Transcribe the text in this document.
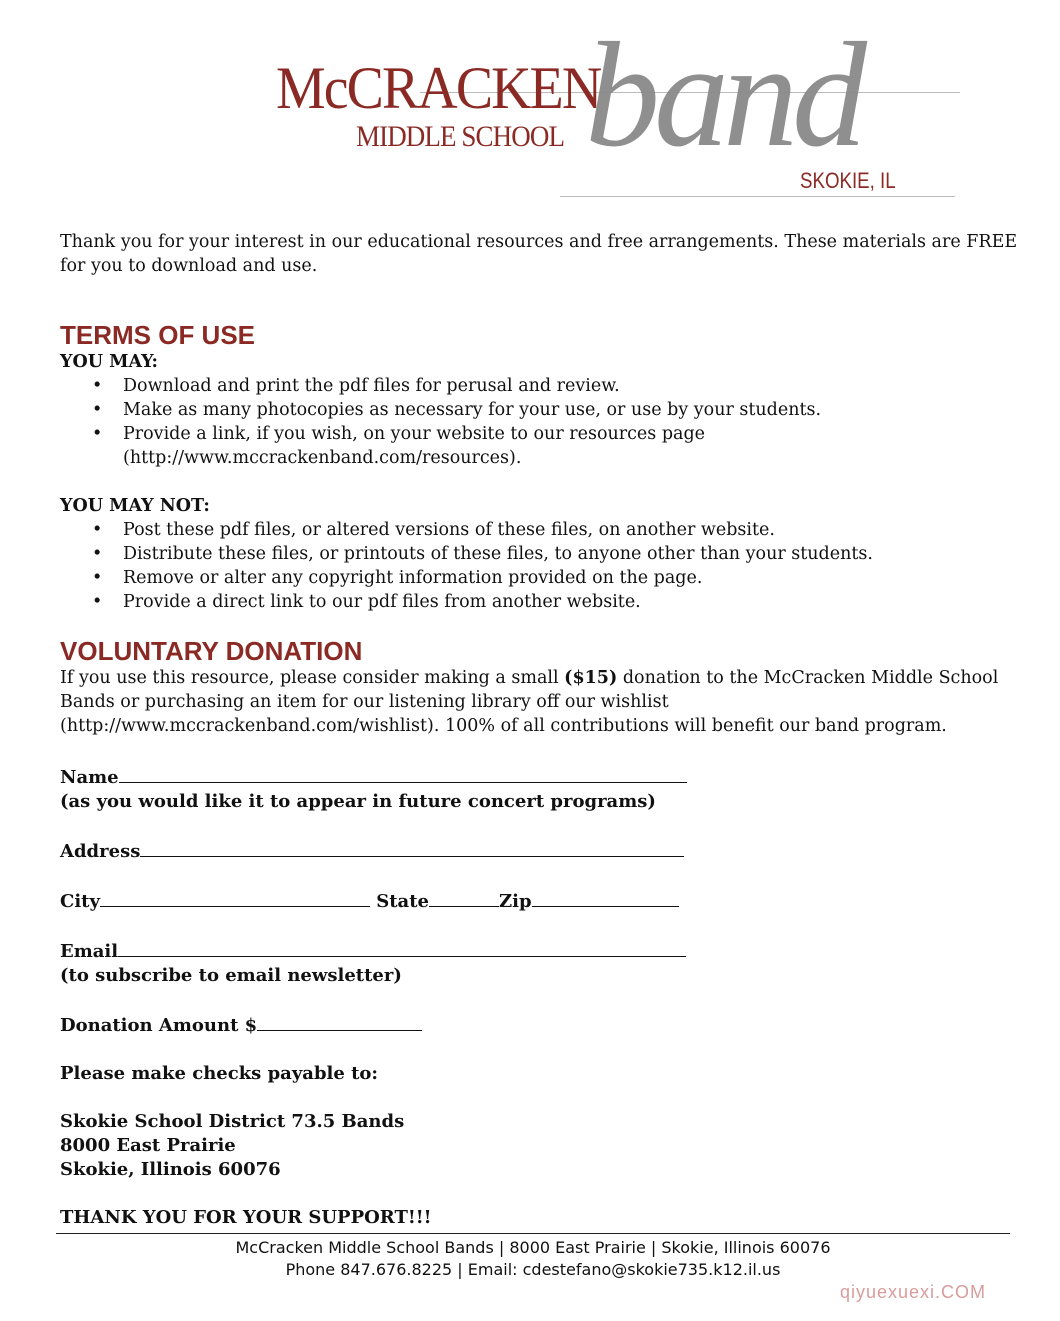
band
McCRACKEN
MIDDLE SCHOOL
SKOKIE, IL

Thank you for your interest in our educational resources and free arrangements. These materials are FREE for you to download and use.

TERMS OF USE

YOU MAY:

• Download and print the pdf files for perusal and review.
• Make as many photocopies as necessary for your use, or use by your students.
• Provide a link, if you wish, on your website to our resources page (http://www.mccrackenband.com/resources).

YOU MAY NOT:

• Post these pdf files, or altered versions of these files, on another website.
• Distribute these files, or printouts of these files, to anyone other than your students.
• Remove or alter any copyright information provided on the page.
• Provide a direct link to our pdf files from another website.
VOLUNTARY DONATION

If you use this resource, please consider making a small ($15) donation to the McCracken Middle School Bands or purchasing an item for our listening library off our wishlist (http://www.mccrackenband.com/wishlist). 100% of all contributions will benefit our band program.

Name

(as you would like it to appear in future concert programs)

Address
City	State	Zip
Email

(to subscribe to email newsletter)

Donation Amount $

Please make checks payable to:

Skokie School District 73.5 Bands

8000 East Prairie

Skokie, Illinois 60076

THANK YOU FOR YOUR SUPPORT!!!

McCracken Middle School Bands | 8000 East Prairie | Skokie, Illinois 60076
Phone 847.676.8225 | Email: cdestefano@skokie735.k12.il.us
qiyuexuexi.COM
